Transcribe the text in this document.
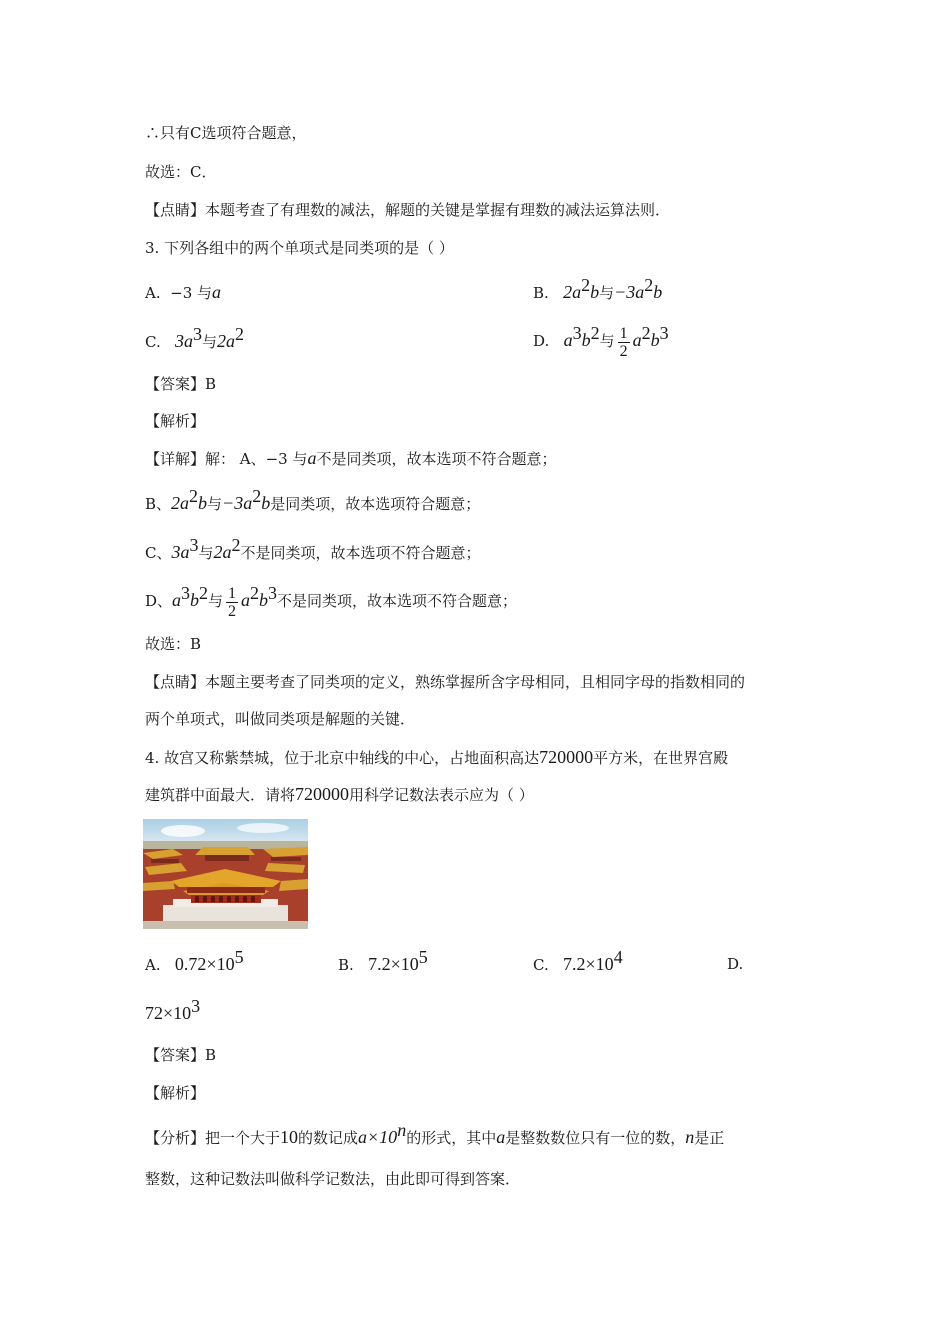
∴只有C选项符合题意，
故选：C．
【点睛】本题考查了有理数的减法，解题的关键是掌握有理数的减法运算法则．
3. 下列各组中的两个单项式是同类项的是（ ）
A. −3 与a	B. $2a^2b$与$-3a^2b$
C. $3a^3$与$2a^2$	D. $a^3b^2$与 $\frac{1}{2} a^2b^3$
【答案】B
【解析】
【详解】解： A、−3 与a不是同类项，故本选项不符合题意；
B、$2a^2b$与$-3a^2b$是同类项，故本选项符合题意；
C、$3a^3$与$2a^2$不是同类项，故本选项不符合题意；
D、$a^3b^2$与 $\frac{1}{2} a^2b^3$不是同类项，故本选项不符合题意；
故选：B
【点睛】本题主要考查了同类项的定义，熟练掌握所含字母相同，且相同字母的指数相同的
两个单项式，叫做同类项是解题的关键．
4. 故宫又称紫禁城，位于北京中轴线的中心，占地面积高达720000平方米，在世界宫殿
建筑群中面最大．请将720000用科学记数法表示应为（ ）
A. $0.72\times 10^5$	B. $7.2\times 10^5$	C. $7.2\times 10^4$	D.
$72\times 10^3$
【答案】B
【解析】
【分析】把一个大于10的数记成$a\times 10^n$的形式，其中a是整数数位只有一位的数，n是正
整数，这种记数法叫做科学记数法，由此即可得到答案．
